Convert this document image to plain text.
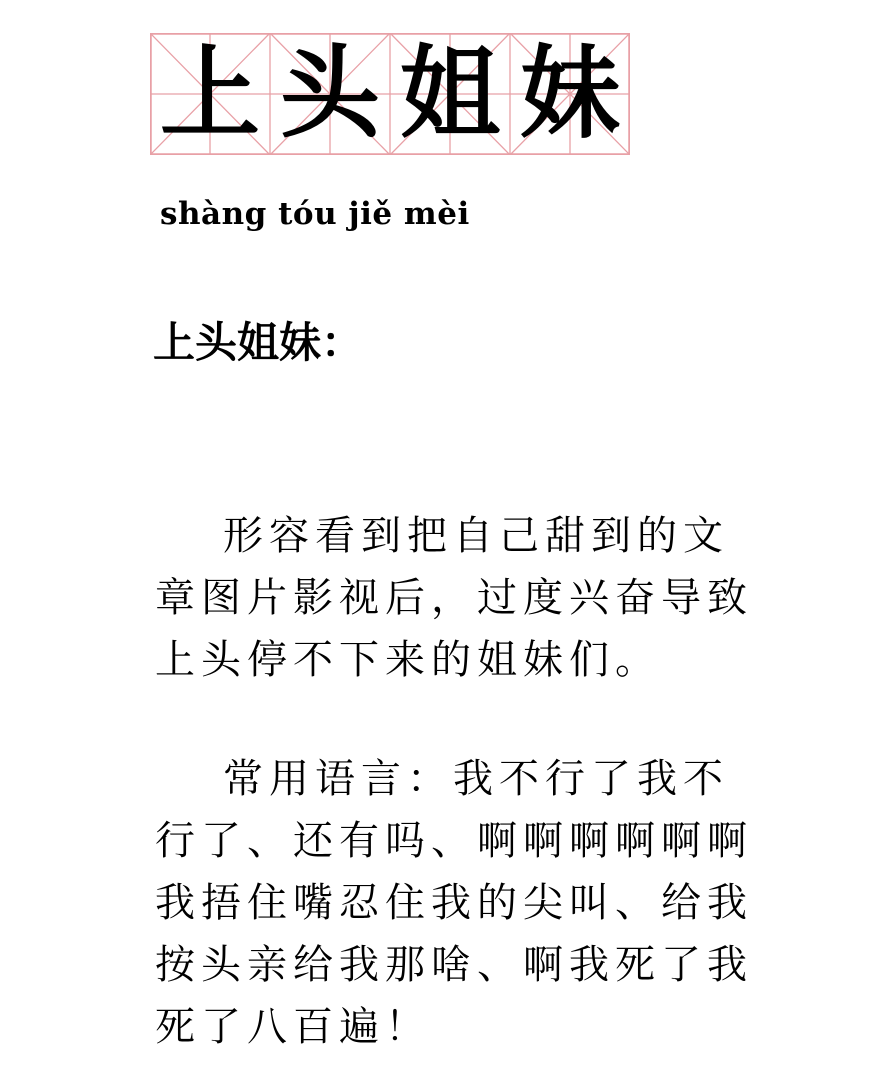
上 头 姐 妹
shàng tóu jiě mèi
上头姐妹：

形容看到把自己甜到的文章图片影视后，过度兴奋导致上头停不下来的姐妹们。

常用语言：我不行了我不行了、还有吗、啊啊啊啊啊啊我捂住嘴忍住我的尖叫、给我按头亲给我那啥、啊我死了我死了八百遍！
